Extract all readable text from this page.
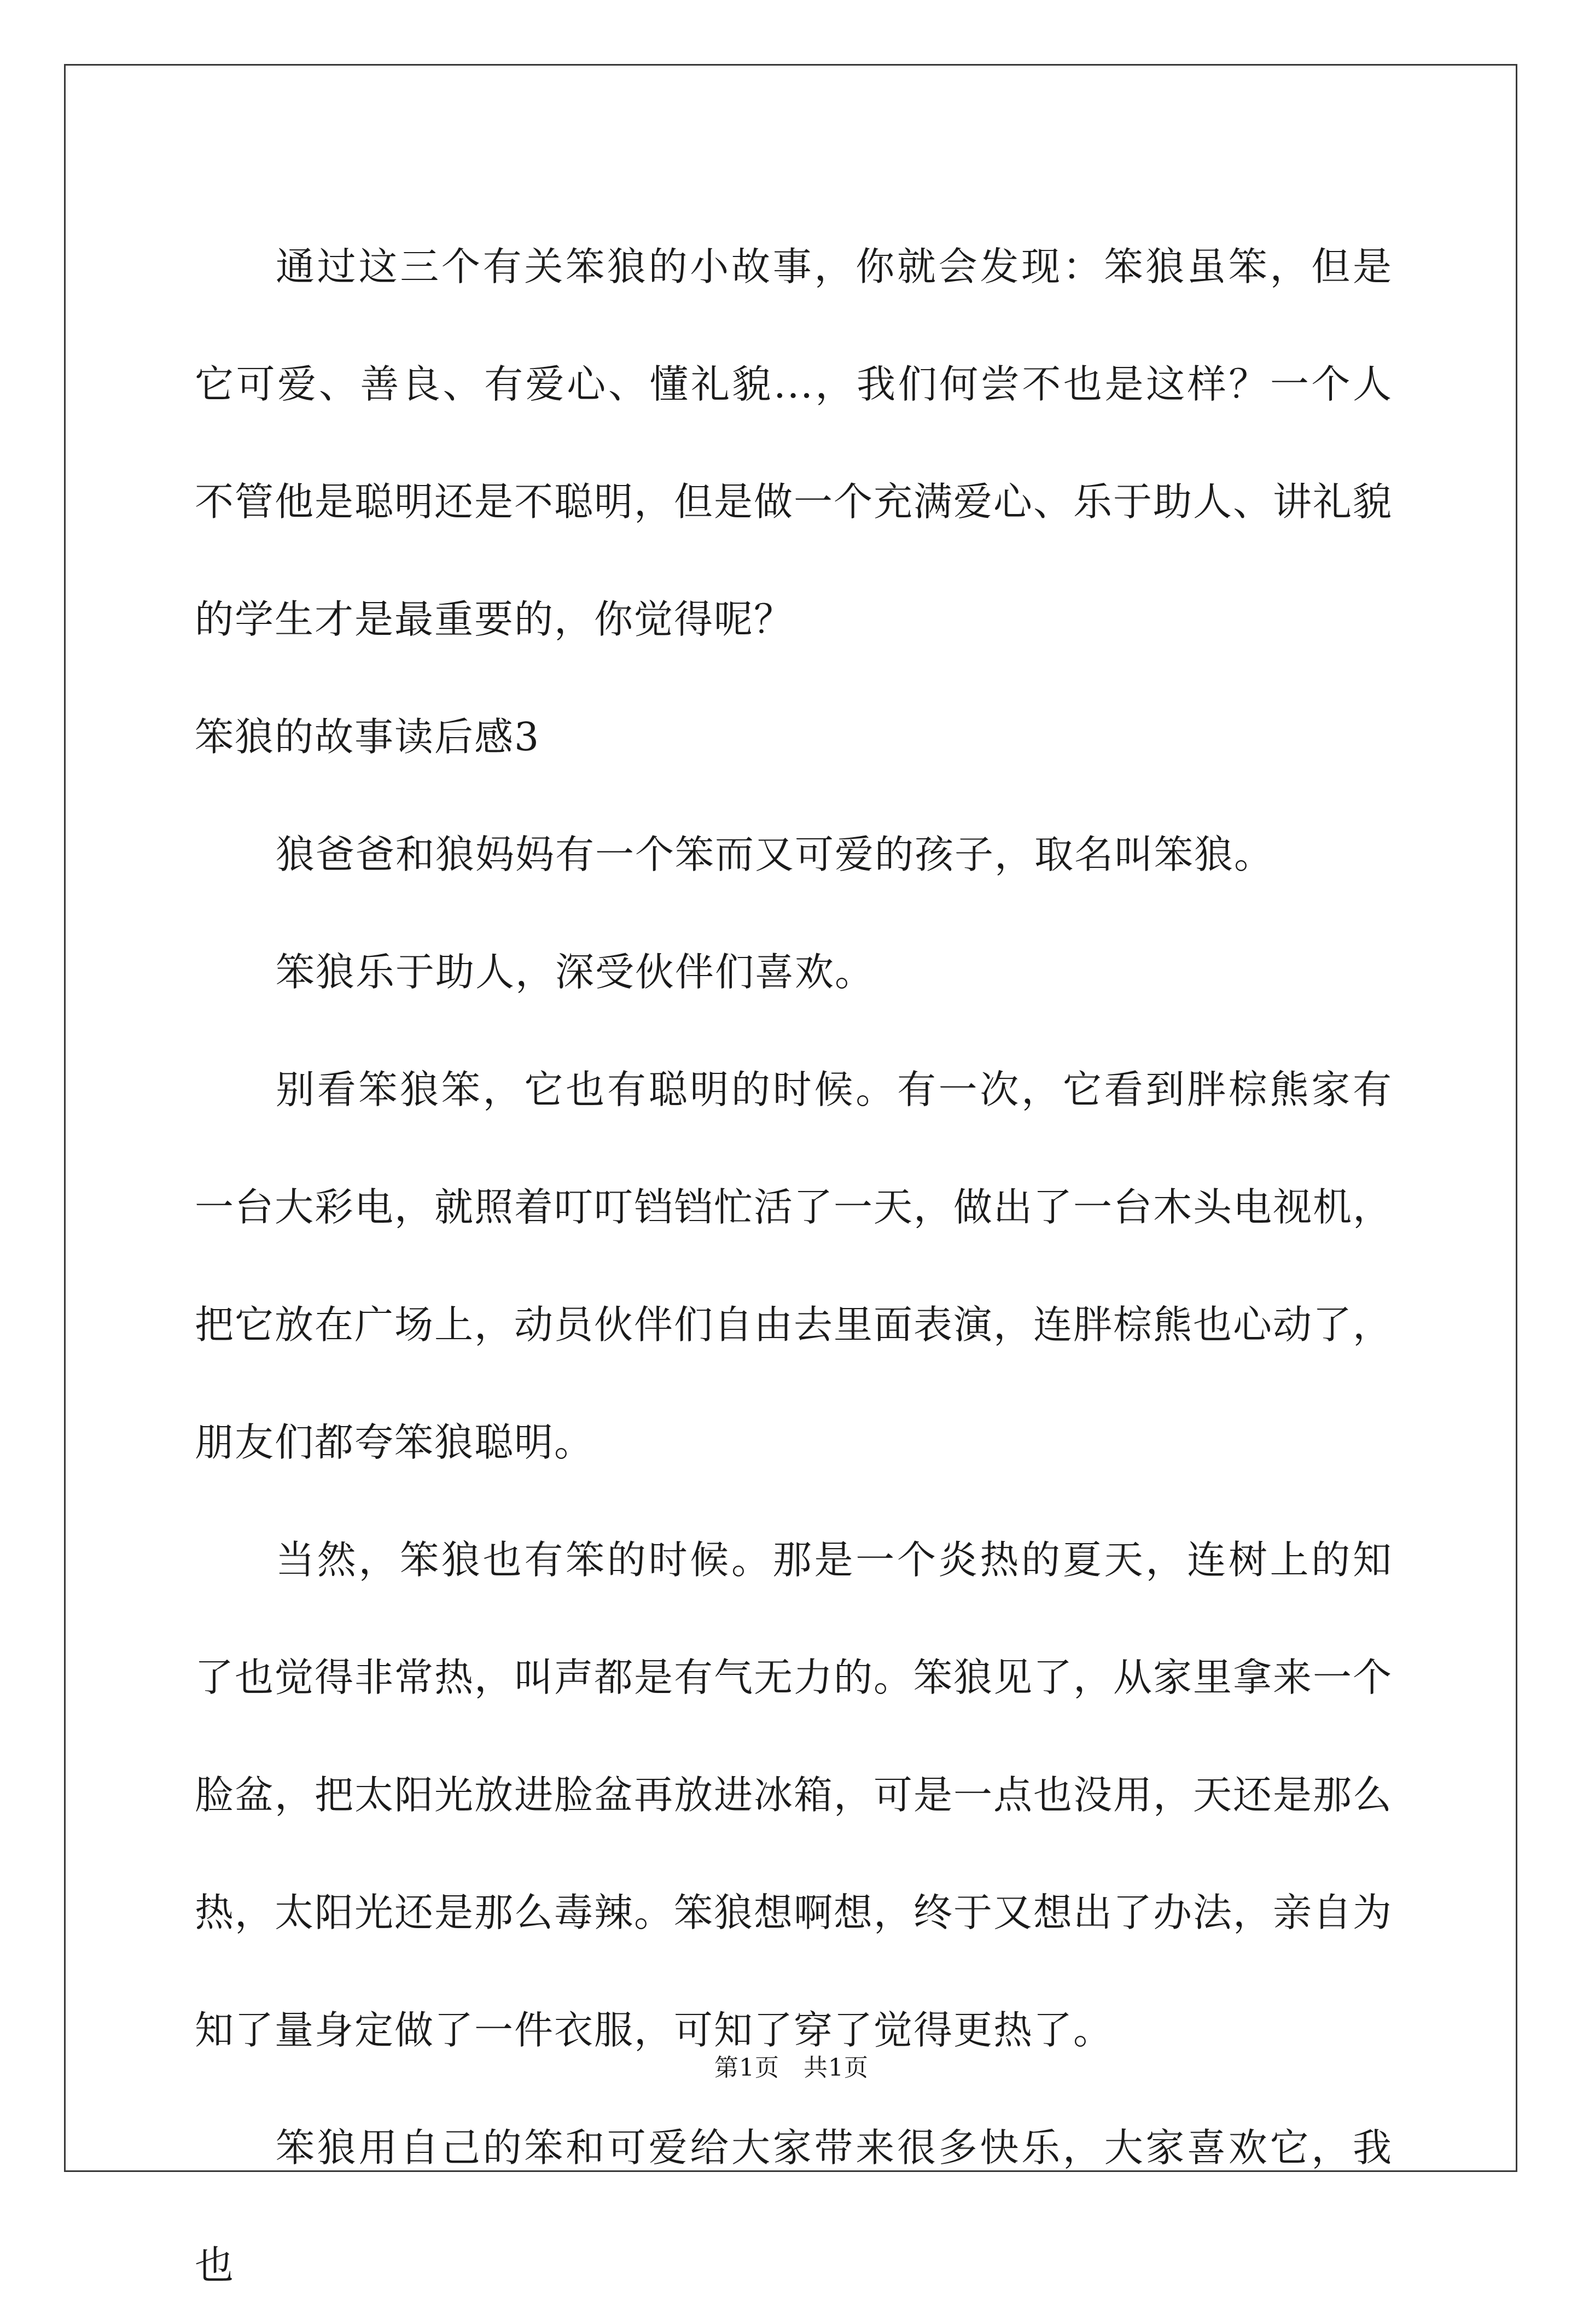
通过这三个有关笨狼的小故事，你就会发现：笨狼虽笨，但是它可爱、善良、有爱心、懂礼貌...，我们何尝不也是这样？一个人不管他是聪明还是不聪明，但是做一个充满爱心、乐于助人、讲礼貌的学生才是最重要的，你觉得呢？

笨狼的故事读后感3

狼爸爸和狼妈妈有一个笨而又可爱的孩子，取名叫笨狼。

笨狼乐于助人，深受伙伴们喜欢。

别看笨狼笨，它也有聪明的时候。有一次，它看到胖棕熊家有一台大彩电，就照着叮叮铛铛忙活了一天，做出了一台木头电视机，把它放在广场上，动员伙伴们自由去里面表演，连胖棕熊也心动了，朋友们都夸笨狼聪明。

当然，笨狼也有笨的时候。那是一个炎热的夏天，连树上的知了也觉得非常热，叫声都是有气无力的。笨狼见了，从家里拿来一个脸盆，把太阳光放进脸盆再放进冰箱，可是一点也没用，天还是那么热，太阳光还是那么毒辣。笨狼想啊想，终于又想出了办法，亲自为知了量身定做了一件衣服，可知了穿了觉得更热了。

笨狼用自己的笨和可爱给大家带来很多快乐，大家喜欢它，我也

第1页 共1页
